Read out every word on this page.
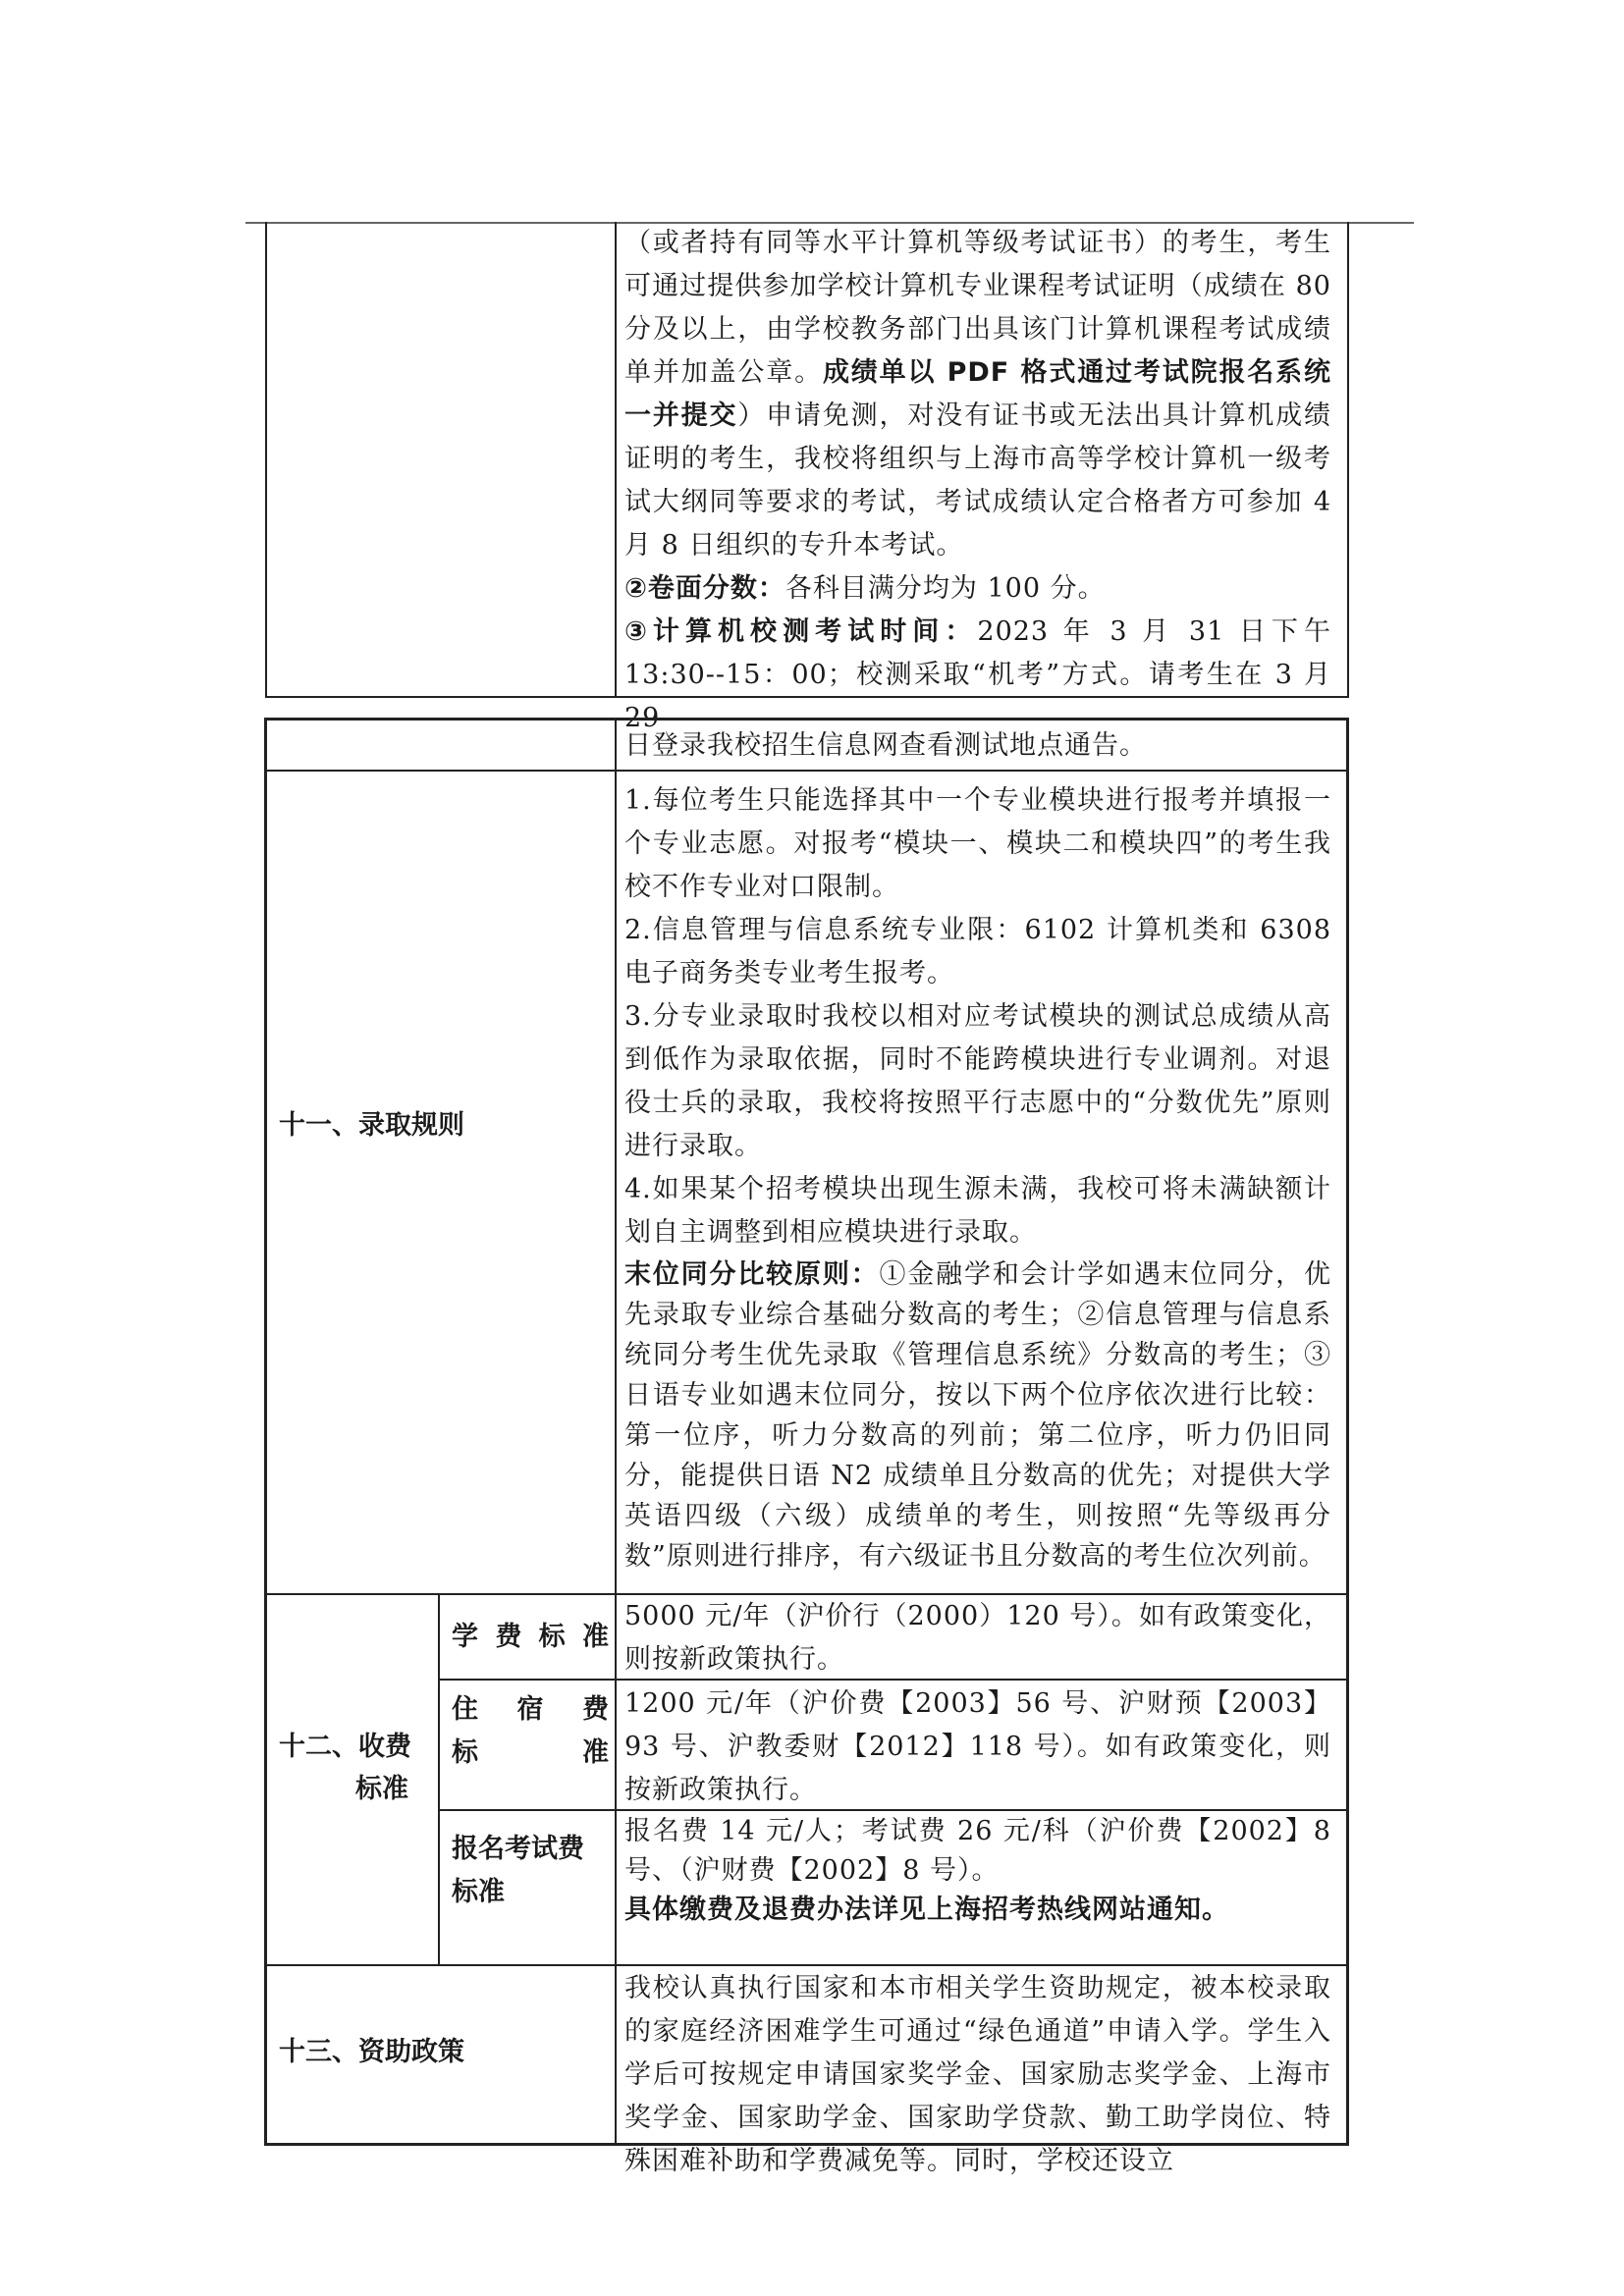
（或者持有同等水平计算机等级考试证书）的考生，考生可通过提供参加学校计算机专业课程考试证明（成绩在 80 分及以上，由学校教务部门出具该门计算机课程考试成绩单并加盖公章。成绩单以 PDF 格式通过考试院报名系统一并提交）申请免测，对没有证书或无法出具计算机成绩证明的考生，我校将组织与上海市高等学校计算机一级考试大纲同等要求的考试，考试成绩认定合格者方可参加 4 月 8 日组织的专升本考试。

②卷面分数：各科目满分均为 100 分。

③计算机校测考试时间：2023 年 3 月 31 日下午 13:30--15：00；校测采取“机考”方式。请考生在 3 月 29

日登录我校招生信息网查看测试地点通告。
十一、录取规则

1.每位考生只能选择其中一个专业模块进行报考并填报一个专业志愿。对报考“模块一、模块二和模块四”的考生我校不作专业对口限制。

2.信息管理与信息系统专业限：6102 计算机类和 6308 电子商务类专业考生报考。

3.分专业录取时我校以相对应考试模块的测试总成绩从高到低作为录取依据，同时不能跨模块进行专业调剂。对退役士兵的录取，我校将按照平行志愿中的“分数优先”原则进行录取。

4.如果某个招考模块出现生源未满，我校可将未满缺额计划自主调整到相应模块进行录取。

末位同分比较原则：①金融学和会计学如遇末位同分，优先录取专业综合基础分数高的考生；②信息管理与信息系统同分考生优先录取《管理信息系统》分数高的考生；③日语专业如遇末位同分，按以下两个位序依次进行比较：第一位序，听力分数高的列前；第二位序，听力仍旧同分，能提供日语 N2 成绩单且分数高的优先；对提供大学英语四级（六级）成绩单的考生，则按照“先等级再分数”原则进行排序，有六级证书且分数高的考生位次列前。

十二、收费
标准
学 费 标 准
5000 元/年（沪价行（2000）120 号）。如有政策变化，则按新政策执行。
住 宿 费
标	准
1200 元/年（沪价费【2003】56 号、沪财预【2003】93 号、沪教委财【2012】118 号）。如有政策变化，则按新政策执行。
报名考试费
标准

报名费 14 元/人；考试费 26 元/科（沪价费【2002】8 号、（沪财费【2002】8 号）。

具体缴费及退费办法详见上海招考热线网站通知。

十三、资助政策
我校认真执行国家和本市相关学生资助规定，被本校录取的家庭经济困难学生可通过“绿色通道”申请入学。学生入学后可按规定申请国家奖学金、国家励志奖学金、上海市奖学金、国家助学金、国家助学贷款、勤工助学岗位、特殊困难补助和学费减免等。同时，学校还设立
